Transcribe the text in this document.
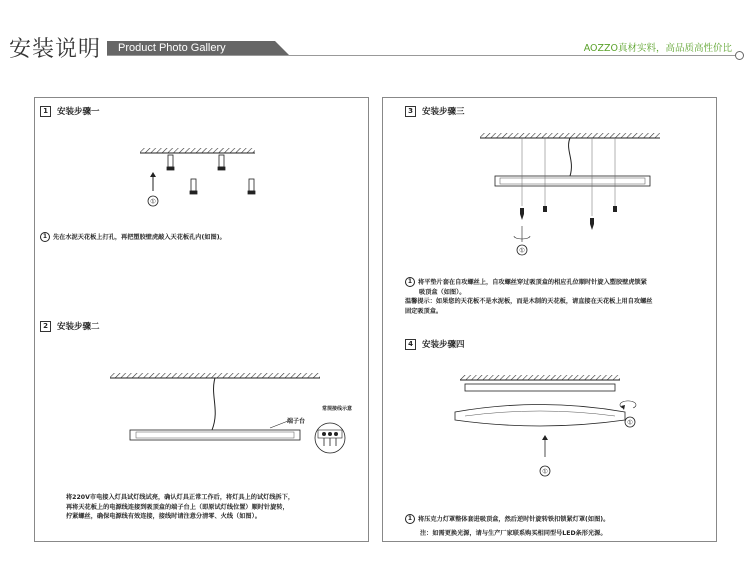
安装说明 Product Photo Gallery	AOZZO真材实料，高品质高性价比
1	安装步骤一
①
1 先在水泥天花板上打孔，再把塑胶壁虎敲入天花板孔内(如图)。
2	安装步骤二
常规接线示意
端子台
将220V市电接入灯具试灯线试亮，确认灯具正常工作后，将灯具上的试灯线拆下，
再将天花板上的电源线连接到吸顶盒的端子台上（即原试灯线位置）顺时针旋转，
拧紧螺丝，确保电源线有效连接，接线时请注意分清零、火线（如图）。
3	安装步骤三
①
1 将平垫片套在自攻螺丝上，自攻螺丝穿过吸顶盒的相应孔位顺时针旋入塑胶壁虎锁紧
吸顶盒（如图）。
温馨提示：如果您的天花板不是水泥板，而是木制的天花板，请直接在天花板上用自攻螺丝
固定吸顶盒。
4	安装步骤四
①
①
1 将压克力灯罩整体套进吸顶盒，然后逆时针旋转铁扣锁紧灯罩(如图)。
注：如需更换光源，请与生产厂家联系购买相同型号LED条形光源。
